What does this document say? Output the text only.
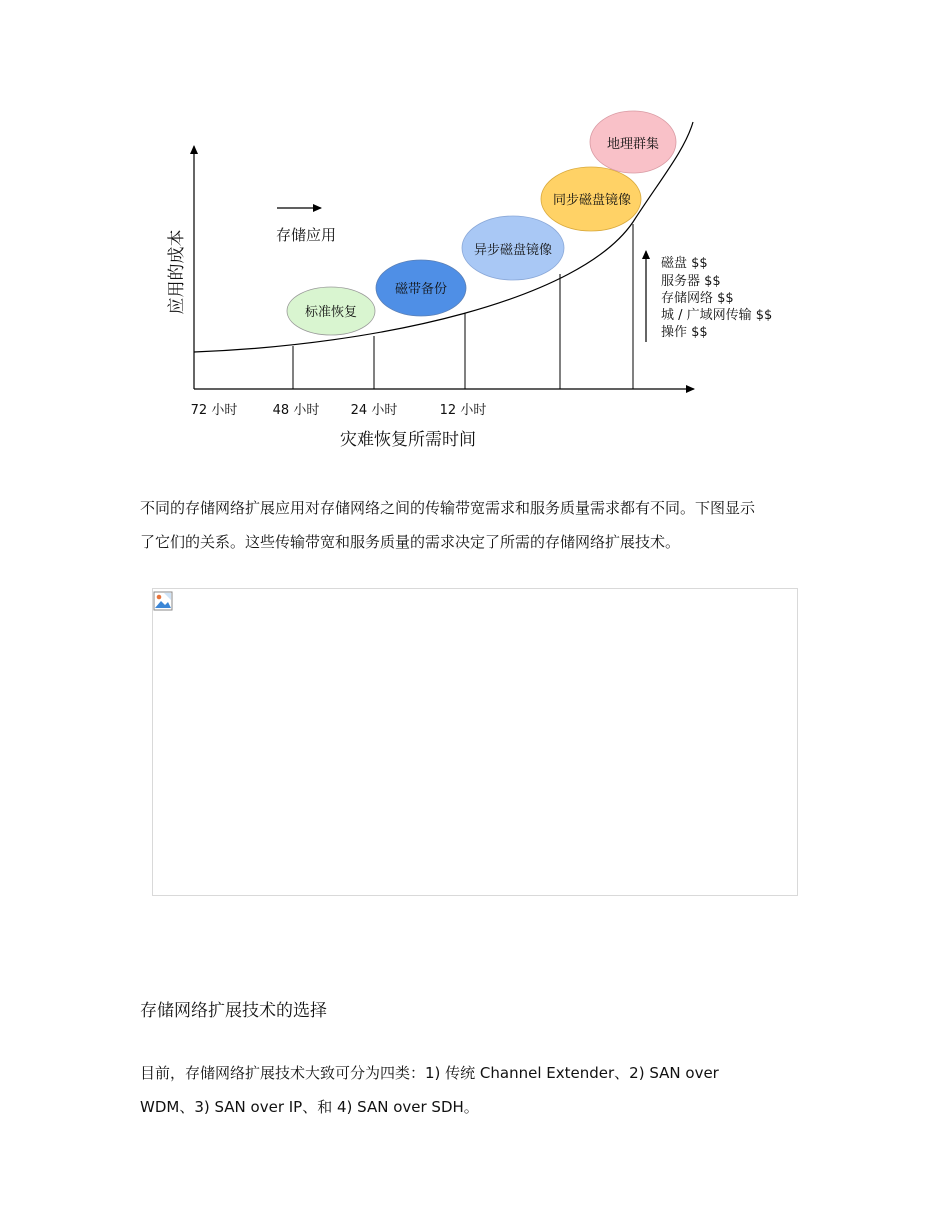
应用的成本	存储应用
标准恢复
磁带备份
异步磁盘镜像
同步磁盘镜像
地理群集
磁盘 $$
服务器 $$
存储网络 $$
城 / 广域网传输 $$
操作 $$
72 小时	48 小时 24 小时	12 小时
灾难恢复所需时间

不同的存储网络扩展应用对存储网络之间的传输带宽需求和服务质量需求都有不同。下图显示
了它们的关系。这些传输带宽和服务质量的需求决定了所需的存储网络扩展技术。

存储网络扩展技术的选择

目前，存储网络扩展技术大致可分为四类：1) 传统 Channel Extender、2) SAN over
WDM、3) SAN over IP、和 4) SAN over SDH。
